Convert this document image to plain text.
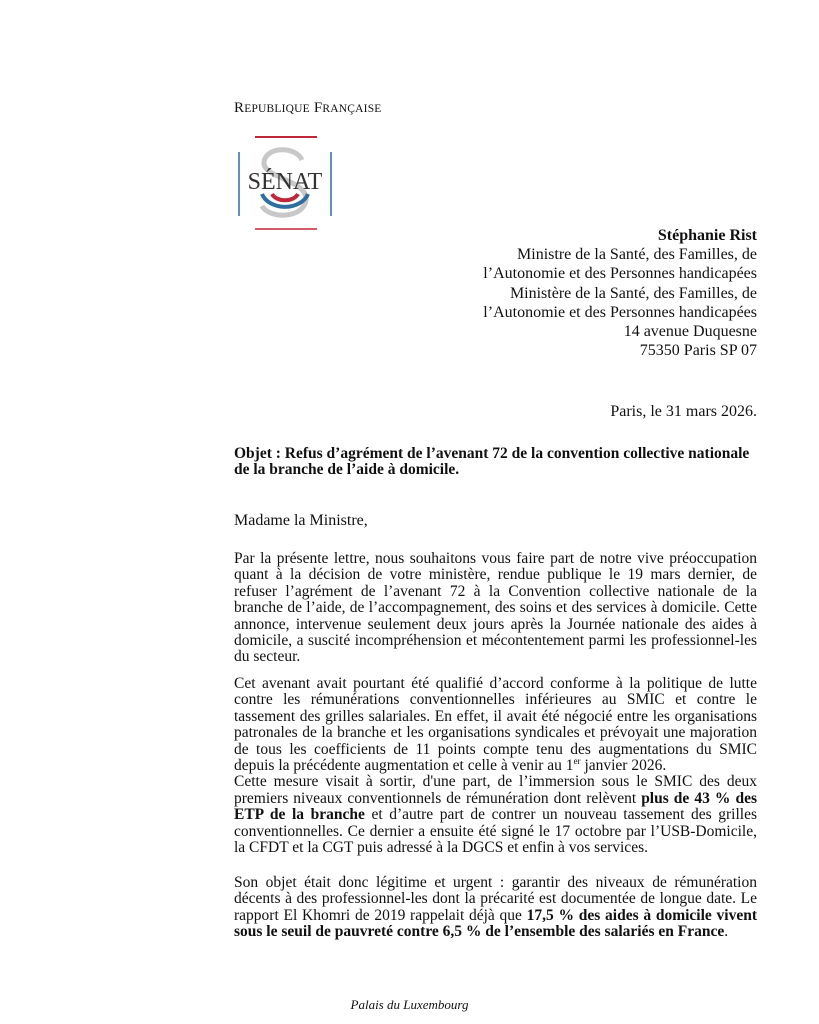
REPUBLIQUE FRANÇAISE
SÉNAT
Stéphanie Rist
Ministre de la Santé, des Familles, de
l’Autonomie et des Personnes handicapées
Ministère de la Santé, des Familles, de
l’Autonomie et des Personnes handicapées
14 avenue Duquesne
75350 Paris SP 07
Paris, le 31 mars 2026.
Objet : Refus d’agrément de l’avenant 72 de la convention collective nationale de la branche de l’aide à domicile.
Madame la Ministre,

Par la présente lettre, nous souhaitons vous faire part de notre vive préoccupation quant à la décision de votre ministère, rendue publique le 19 mars dernier, de refuser l’agrément de l’avenant 72 à la Convention collective nationale de la branche de l’aide, de l’accompagnement, des soins et des services à domicile. Cette annonce, intervenue seulement deux jours après la Journée nationale des aides à domicile, a suscité incompréhension et mécontentement parmi les professionnel-les du secteur.

Cet avenant avait pourtant été qualifié d’accord conforme à la politique de lutte contre les rémunérations conventionnelles inférieures au SMIC et contre le tassement des grilles salariales. En effet, il avait été négocié entre les organisations patronales de la branche et les organisations syndicales et prévoyait une majoration de tous les coefficients de 11 points compte tenu des augmentations du SMIC depuis la précédente augmentation et celle à venir au 1er janvier 2026.

Cette mesure visait à sortir, d'une part, de l’immersion sous le SMIC des deux premiers niveaux conventionnels de rémunération dont relèvent plus de 43 % des ETP de la branche et d’autre part de contrer un nouveau tassement des grilles conventionnelles. Ce dernier a ensuite été signé le 17 octobre par l’USB-Domicile, la CFDT et la CGT puis adressé à la DGCS et enfin à vos services.

Son objet était donc légitime et urgent : garantir des niveaux de rémunération décents à des professionnel-les dont la précarité est documentée de longue date. Le rapport El Khomri de 2019 rappelait déjà que 17,5 % des aides à domicile vivent sous le seuil de pauvreté contre 6,5 % de l’ensemble des salariés en France.

Palais du Luxembourg
